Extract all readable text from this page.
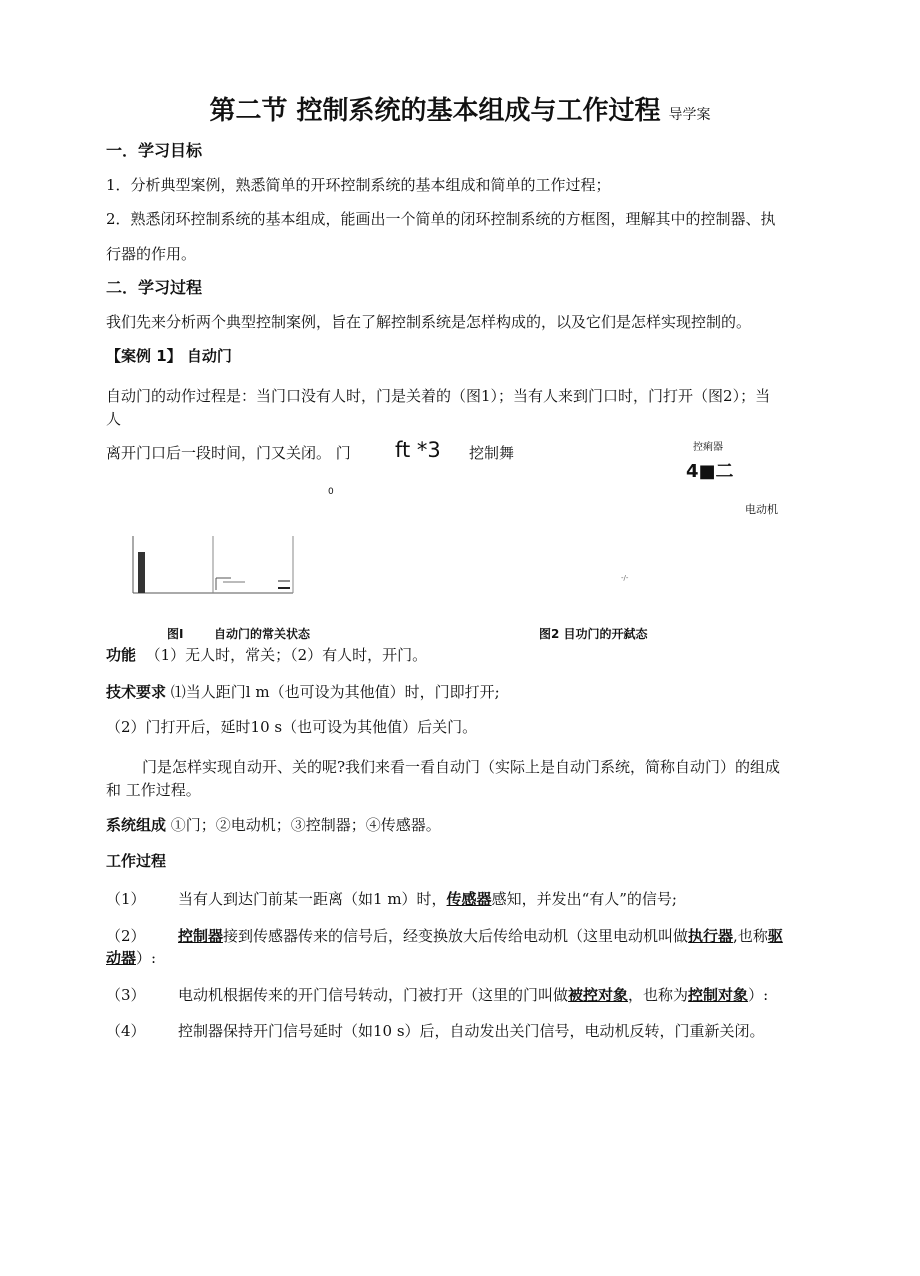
第二节 控制系统的基本组成与工作过程 导学案
一．学习目标
1．分析典型案例，熟悉简单的开环控制系统的基本组成和简单的工作过程；
2．熟悉闭环控制系统的基本组成，能画出一个简单的闭环控制系统的方框图，理解其中的控制器、执
行器的作用。
二．学习过程
我们先来分析两个典型控制案例，旨在了解控制系统是怎样构成的，以及它们是怎样实现控制的。
【案例 1】 自动门
自动门的动作过程是：当门口没有人时，门是关着的（图1）；当有人来到门口时，门打开（图2）；当
人
离开门口后一段时间，门又关闭。 门 ft *3 挖制舞
0
控痢器
4■二
电动机
-/-
图I	自动门的常关状态	图2 目功门的开弑态
功能 （1）无人时，常关；（2）有人时，开门。
技术要求 ⑴当人距门l m（也可设为其他值）时，门即打开;
（2）门打开后，延时10 s（也可设为其他值）后关门。
门是怎样实现自动开、关的呢?我们来看一看自动门（实际上是自动门系统，简称自动门）的组成
和 工作过程。
系统组成 ①门；②电动机；③控制器；④传感器。
工作过程
（1） 当有人到达门前某一距离（如1 m）时，传感器感知，并发出“有人”的信号;
（2） 控制器接到传感器传来的信号后，经变换放大后传给电动机（这里电动机叫做执行器,也称驱
动器）:
（3） 电动机根据传来的开门信号转动，门被打开（这里的门叫做被控对象，也称为控制对象）:
（4） 控制器保持开门信号延时（如10 s）后，自动发出关门信号，电动机反转，门重新关闭。
